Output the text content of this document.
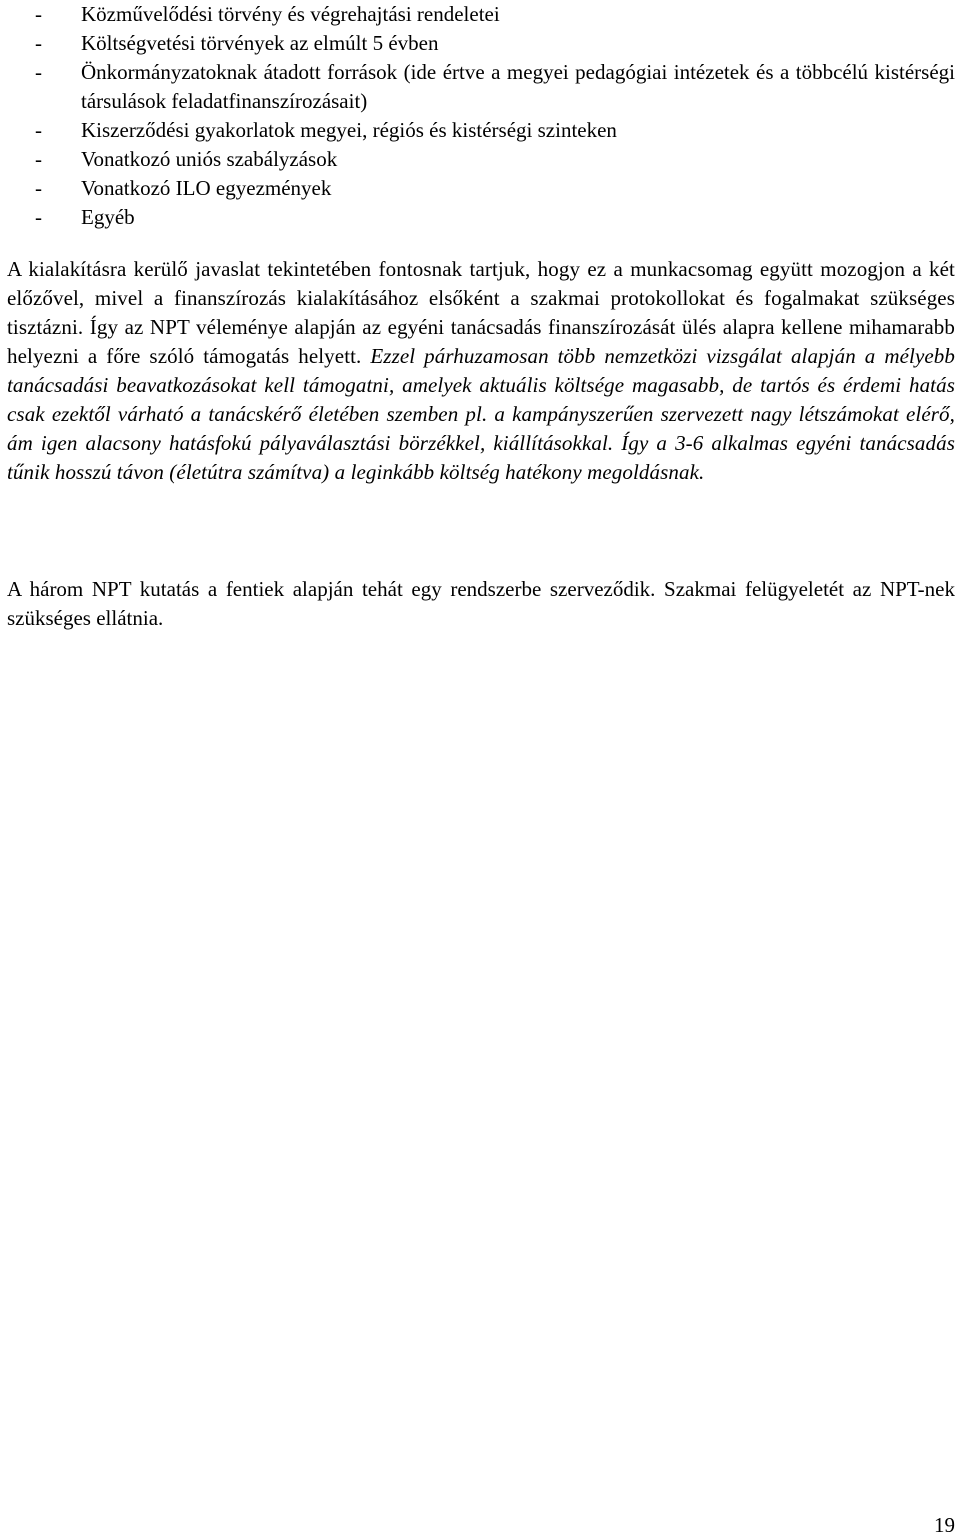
- Közművelődési törvény és végrehajtási rendeletei
- Költségvetési törvények az elmúlt 5 évben
- Önkormányzatoknak átadott források (ide értve a megyei pedagógiai intézetek és a többcélú kistérségi társulások feladatfinanszírozásait)
- Kiszerződési gyakorlatok megyei, régiós és kistérségi szinteken
- Vonatkozó uniós szabályzások
- Vonatkozó ILO egyezmények
- Egyéb

A kialakításra kerülő javaslat tekintetében fontosnak tartjuk, hogy ez a munkacsomag együtt mozogjon a két előzővel, mivel a finanszírozás kialakításához elsőként a szakmai protokollokat és fogalmakat szükséges tisztázni. Így az NPT véleménye alapján az egyéni tanácsadás finanszírozását ülés alapra kellene mihamarabb helyezni a főre szóló támogatás helyett. Ezzel párhuzamosan több nemzetközi vizsgálat alapján a mélyebb tanácsadási beavatkozásokat kell támogatni, amelyek aktuális költsége magasabb, de tartós és érdemi hatás csak ezektől várható a tanácskérő életében szemben pl. a kampányszerűen szervezett nagy létszámokat elérő, ám igen alacsony hatásfokú pályaválasztási börzékkel, kiállításokkal. Így a 3-6 alkalmas egyéni tanácsadás tűnik hosszú távon (életútra számítva) a leginkább költség hatékony megoldásnak.

A három NPT kutatás a fentiek alapján tehát egy rendszerbe szerveződik. Szakmai felügyeletét az NPT-nek szükséges ellátnia.

19
